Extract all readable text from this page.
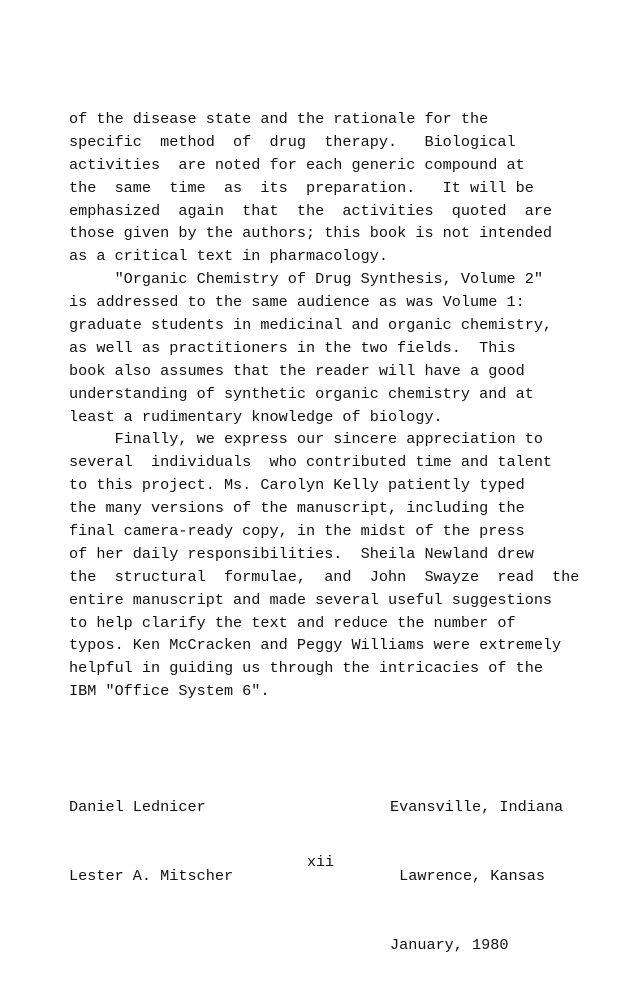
of the disease state and the rationale for the
specific  method  of  drug  therapy.   Biological
activities  are noted for each generic compound at
the  same  time  as  its  preparation.   It will be
emphasized  again  that  the  activities  quoted  are
those given by the authors; this book is not intended
as a critical text in pharmacology.
"Organic Chemistry of Drug Synthesis, Volume 2"
is addressed to the same audience as was Volume 1:
graduate students in medicinal and organic chemistry,
as well as practitioners in the two fields.  This
book also assumes that the reader will have a good
understanding of synthetic organic chemistry and at
least a rudimentary knowledge of biology.
Finally, we express our sincere appreciation to
several  individuals  who contributed time and talent
to this project. Ms. Carolyn Kelly patiently typed
the many versions of the manuscript, including the
final camera-ready copy, in the midst of the press
of her daily responsibilities.  Sheila Newland drew
the  structural  formulae,  and  John  Swayze  read  the
entire manuscript and made several useful suggestions
to help clarify the text and reduce the number of
typos. Ken McCracken and Peggy Williams were extremely
helpful in guiding us through the intricacies of the
IBM "Office System 6".

Daniel Lednicer

Lester A. Mitscher

Evansville, Indiana

Lawrence, Kansas

January, 1980

xii
